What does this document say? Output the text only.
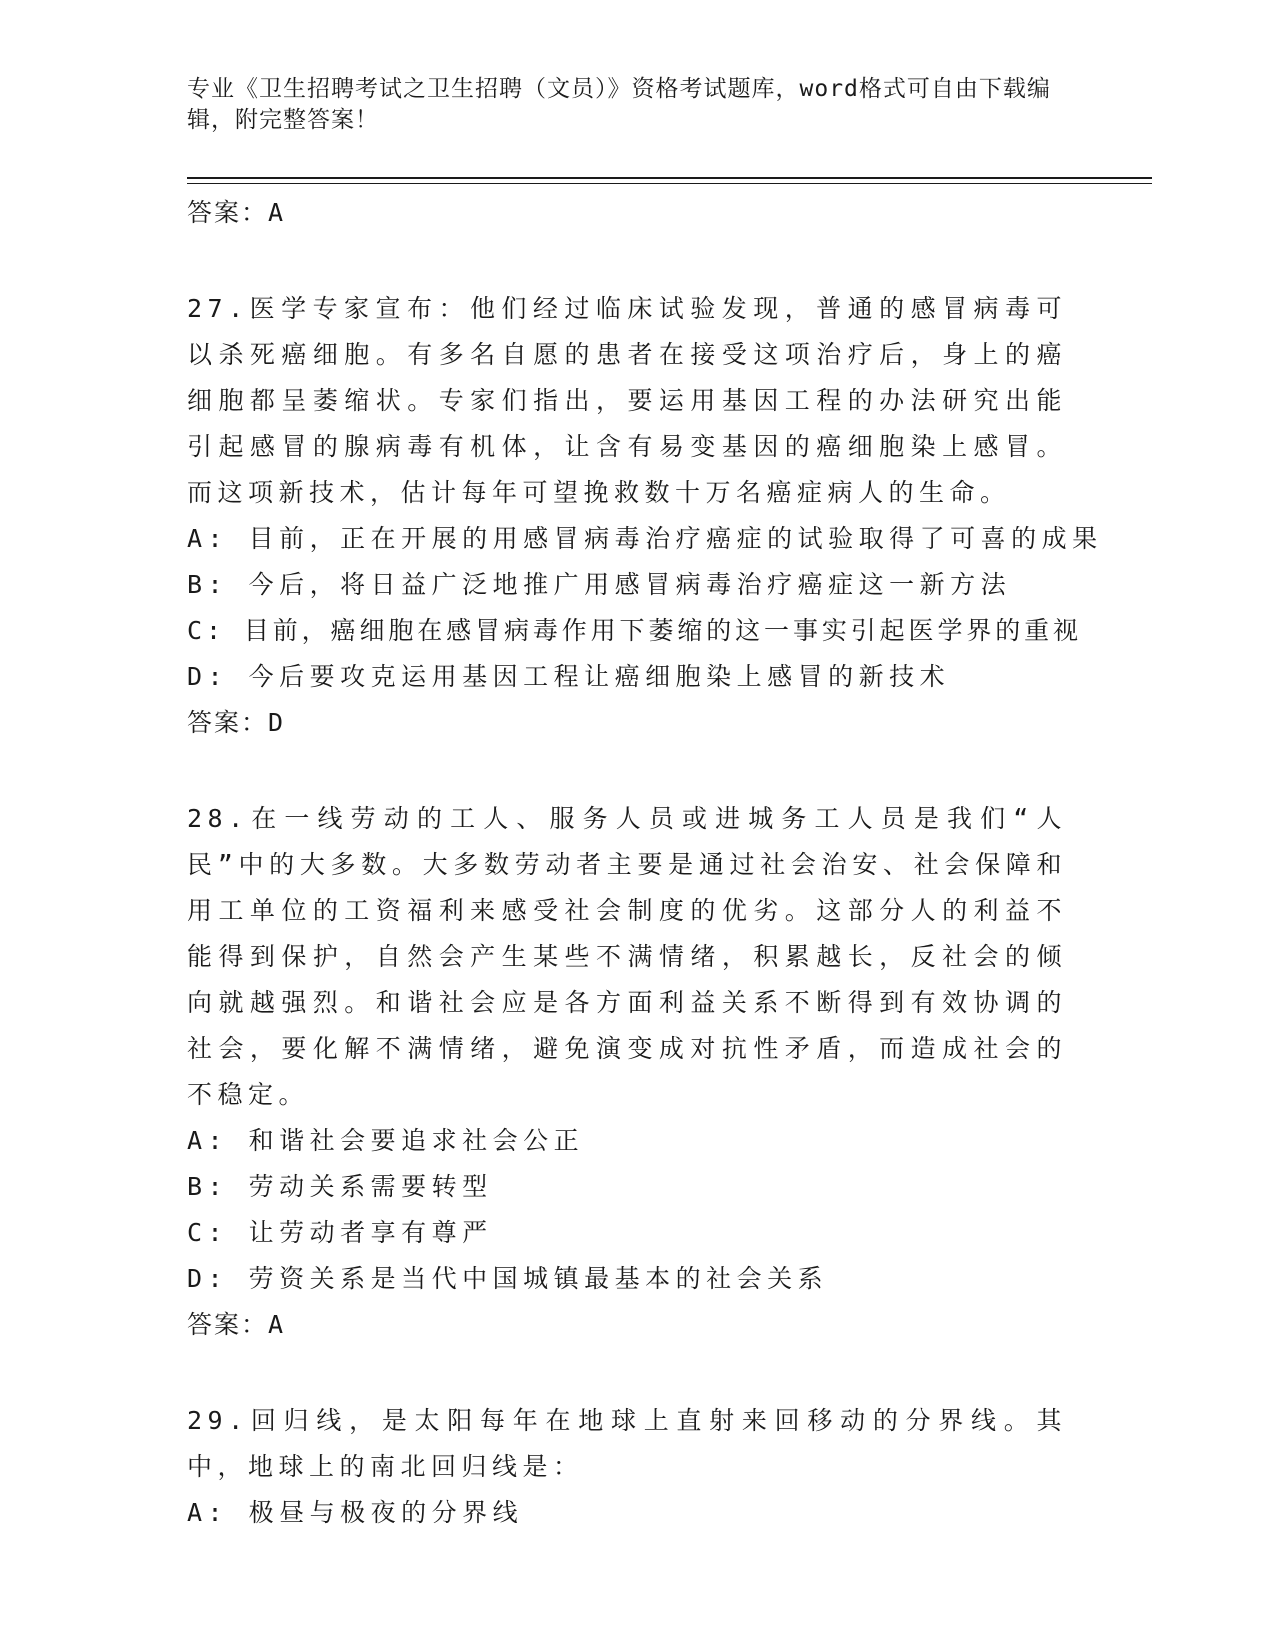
专业《卫生招聘考试之卫生招聘（文员）》资格考试题库，word格式可自由下载编辑，附完整答案！

答案：A

27.医学专家宣布：他们经过临床试验发现，普通的感冒病毒可以杀死癌细胞。有多名自愿的患者在接受这项治疗后，身上的癌细胞都呈萎缩状。专家们指出，要运用基因工程的办法研究出能引起感冒的腺病毒有机体，让含有易变基因的癌细胞染上感冒。而这项新技术，估计每年可望挽救数十万名癌症病人的生命。

A: 目前，正在开展的用感冒病毒治疗癌症的试验取得了可喜的成果

B: 今后，将日益广泛地推广用感冒病毒治疗癌症这一新方法

C: 目前，癌细胞在感冒病毒作用下萎缩的这一事实引起医学界的重视

D: 今后要攻克运用基因工程让癌细胞染上感冒的新技术

答案：D

28.在一线劳动的工人、服务人员或进城务工人员是我们“人民”中的大多数。大多数劳动者主要是通过社会治安、社会保障和用工单位的工资福利来感受社会制度的优劣。这部分人的利益不能得到保护，自然会产生某些不满情绪，积累越长，反社会的倾向就越强烈。和谐社会应是各方面利益关系不断得到有效协调的社会，要化解不满情绪，避免演变成对抗性矛盾，而造成社会的不稳定。

A: 和谐社会要追求社会公正

B: 劳动关系需要转型

C: 让劳动者享有尊严

D: 劳资关系是当代中国城镇最基本的社会关系

答案：A

29.回归线，是太阳每年在地球上直射来回移动的分界线。其中，地球上的南北回归线是：

A: 极昼与极夜的分界线
